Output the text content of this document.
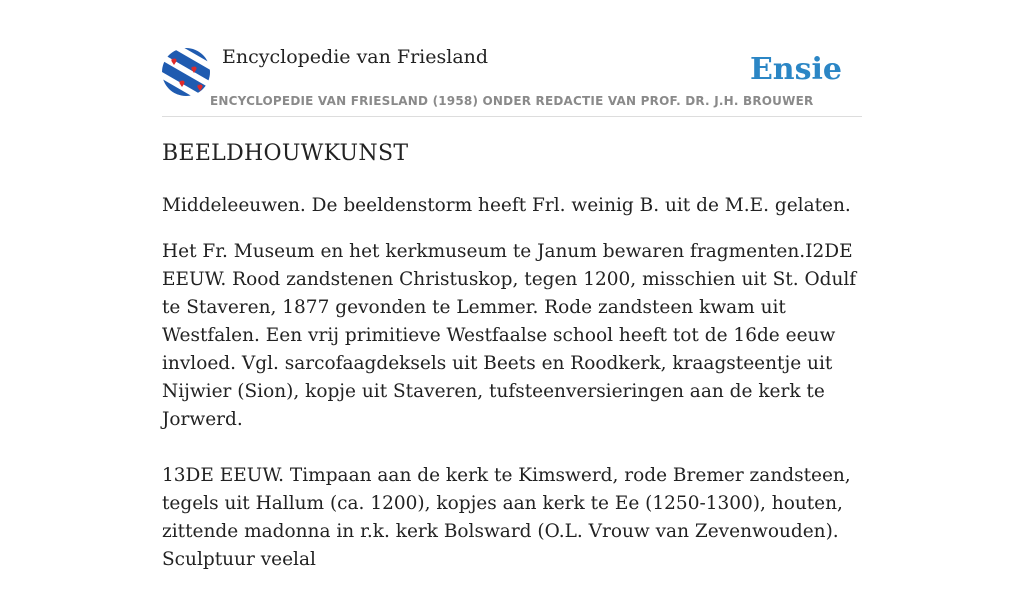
Encyclopedie van Friesland
ENCYCLOPEDIE VAN FRIESLAND (1958) ONDER REDACTIE VAN PROF. DR. J.H. BROUWER
Ensie
BEELDHOUWKUNST

Middeleeuwen. De beeldenstorm heeft Frl. weinig B. uit de M.E. gelaten.

Het Fr. Museum en het kerkmuseum te Janum bewaren fragmenten.I2DE EEUW. Rood zandstenen Christuskop, tegen 1200, misschien uit St. Odulf te Staveren, 1877 gevonden te Lemmer. Rode zandsteen kwam uit Westfalen. Een vrij primitieve Westfaalse school heeft tot de 16de eeuw invloed. Vgl. sarcofaagdeksels uit Beets en Roodkerk, kraagsteentje uit Nijwier (Sion), kopje uit Staveren, tufsteenversieringen aan de kerk te Jorwerd.

13DE EEUW. Timpaan aan de kerk te Kimswerd, rode Bremer zandsteen, tegels uit Hallum (ca. 1200), kopjes aan kerk te Ee (1250-1300), houten, zittende madonna in r.k. kerk Bolsward (O.L. Vrouw van Zevenwouden). Sculptuur veelal
